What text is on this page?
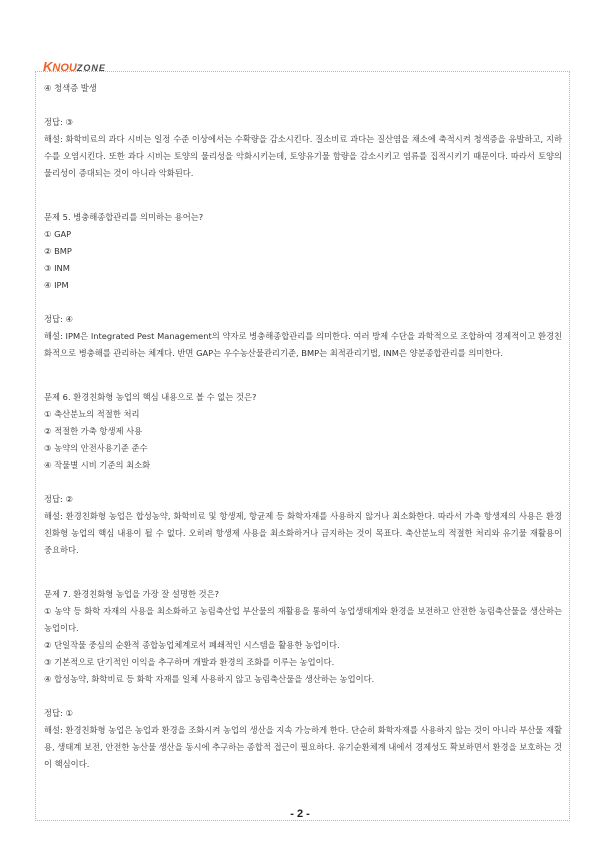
KNOUZONE

④ 청색증 발생

정답: ③

해설: 화학비료의 과다 시비는 일정 수준 이상에서는 수확량을 감소시킨다. 질소비료 과다는 질산염을 채소에 축적시켜 청색증을 유발하고, 지하수를 오염시킨다. 또한 과다 시비는 토양의 물리성을 악화시키는데, 토양유기물 함량을 감소시키고 염류를 집적시키기 때문이다. 따라서 토양의 물리성이 증대되는 것이 아니라 악화된다.

문제 5. 병충해종합관리를 의미하는 용어는?

① GAP

② BMP

③ INM

④ IPM

정답: ④

해설: IPM은 Integrated Pest Management의 약자로 병충해종합관리를 의미한다. 여러 방제 수단을 과학적으로 조합하여 경제적이고 환경친화적으로 병충해를 관리하는 체계다. 반면 GAP는 우수농산물관리기준, BMP는 최적관리기법, INM은 양분종합관리를 의미한다.

문제 6. 환경친화형 농업의 핵심 내용으로 볼 수 없는 것은?

① 축산분뇨의 적절한 처리

② 적절한 가축 항생제 사용

③ 농약의 안전사용기준 준수

④ 작물별 시비 기준의 최소화

정답: ②

해설: 환경친화형 농업은 합성농약, 화학비료 및 항생제, 항균제 등 화학자재를 사용하지 않거나 최소화한다. 따라서 가축 항생제의 사용은 환경친화형 농업의 핵심 내용이 될 수 없다. 오히려 항생제 사용을 최소화하거나 금지하는 것이 목표다. 축산분뇨의 적절한 처리와 유기물 재활용이 중요하다.

문제 7. 환경친화형 농업을 가장 잘 설명한 것은?

① 농약 등 화학 자재의 사용을 최소화하고 농림축산업 부산물의 재활용을 통하여 농업생태계와 환경을 보전하고 안전한 농림축산물을 생산하는 농업이다.

② 단일작물 중심의 순환적 종합농업체계로서 폐쇄적인 시스템을 활용한 농업이다.

③ 기본적으로 단기적인 이익을 추구하며 개발과 환경의 조화를 이루는 농업이다.

④ 합성농약, 화학비료 등 화학 자재를 일체 사용하지 않고 농림축산물을 생산하는 농업이다.

정답: ①

해설: 환경친화형 농업은 농업과 환경을 조화시켜 농업의 생산을 지속 가능하게 한다. 단순히 화학자재를 사용하지 않는 것이 아니라 부산물 재활용, 생태계 보전, 안전한 농산물 생산을 동시에 추구하는 종합적 접근이 필요하다. 유기순환체계 내에서 경제성도 확보하면서 환경을 보호하는 것이 핵심이다.

- 2 -
